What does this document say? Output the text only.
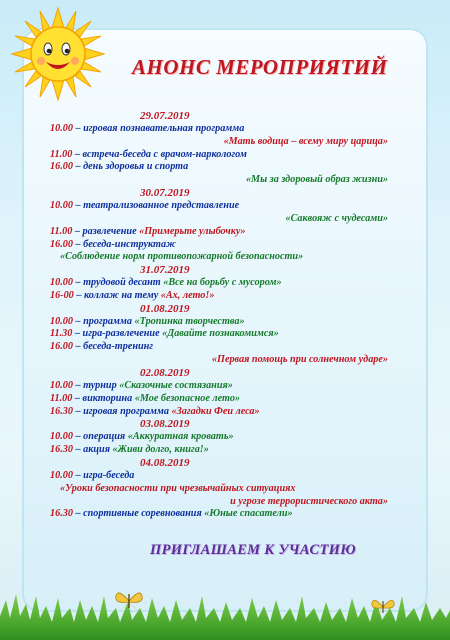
АНОНС МЕРОПРИЯТИЙ
29.07.2019
10.00 – игровая познавательная программа
«Мать водица – всему миру царица»
11.00 – встреча-беседа с врачом-наркологом
16.00 – день здоровья и спорта
«Мы за здоровый образ жизни»
30.07.2019
10.00 – театрализованное представление
«Саквояж с чудесами»
11.00 – развлечение «Примерьте улыбочку»
16.00 – беседа-инструктаж
«Соблюдение норм противопожарной безопасности»
31.07.2019
10.00 – трудовой десант «Все на борьбу с мусором»
16-00 – коллаж на тему «Ах, лето!»
01.08.2019
10.00 – программа «Тропинка творчества»
11.30 – игра-развлечение «Давайте познакомимся»
16.00 – беседа-тренинг
«Первая помощь при солнечном ударе»
02.08.2019
10.00 – турнир «Сказочные состязания»
11.00 – викторина «Мое безопасное лето»
16.30 – игровая программа «Загадки Феи леса»
03.08.2019
10.00 – операция «Аккуратная кровать»
16.30 – акция «Живи долго, книга!»
04.08.2019
10.00 – игра-беседа
«Уроки безопасности при чрезвычайных ситуациях
и угрозе террористического акта»
16.30 – спортивные соревнования «Юные спасатели»
ПРИГЛАШАЕМ К УЧАСТИЮ
